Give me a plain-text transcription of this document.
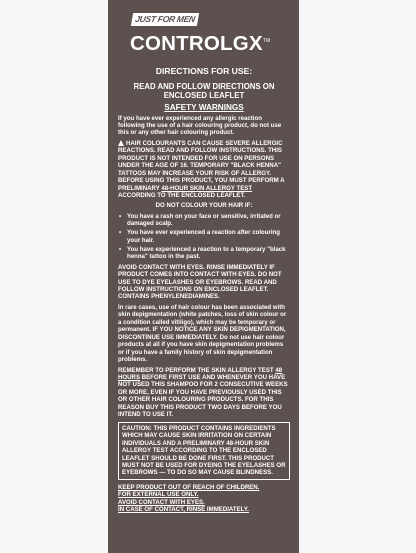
JUST FOR MEN
CONTROLGX™
DIRECTIONS FOR USE:
READ AND FOLLOW DIRECTIONS ON ENCLOSED LEAFLET
SAFETY WARNINGS
If you have ever experienced any allergic reaction following the use of a hair colouring product, do not use this or any other hair colouring product.
HAIR COLOURANTS CAN CAUSE SEVERE ALLERGIC REACTIONS. READ AND FOLLOW INSTRUCTIONS. THIS PRODUCT IS NOT INTENDED FOR USE ON PERSONS UNDER THE AGE OF 16. TEMPORARY "BLACK HENNA" TATTOOS MAY INCREASE YOUR RISK OF ALLERGY. BEFORE USING THIS PRODUCT, YOU MUST PERFORM A PRELIMINARY 48-HOUR SKIN ALLERGY TEST ACCORDING TO THE ENCLOSED LEAFLET.
DO NOT COLOUR YOUR HAIR IF:
• You have a rash on your face or sensitive, irritated or damaged scalp.
• You have ever experienced a reaction after colouring your hair.
• You have experienced a reaction to a temporary "black henna" tattoo in the past.
AVOID CONTACT WITH EYES. RINSE IMMEDIATELY IF PRODUCT COMES INTO CONTACT WITH EYES. DO NOT USE TO DYE EYELASHES OR EYEBROWS. READ AND FOLLOW INSTRUCTIONS ON ENCLOSED LEAFLET. CONTAINS PHENYLENEDIAMINES.
In rare cases, use of hair colour has been associated with skin depigmentation (white patches, loss of skin colour or a condition called vitiligo), which may be temporary or permanent. IF YOU NOTICE ANY SKIN DEPIGMENTATION, DISCONTINUE USE IMMEDIATELY. Do not use hair colour products at all if you have skin depigmentation problems or if you have a family history of skin depigmentation problems.
REMEMBER TO PERFORM THE SKIN ALLERGY TEST 48 HOURS BEFORE FIRST USE AND WHENEVER YOU HAVE NOT USED THIS SHAMPOO FOR 2 CONSECUTIVE WEEKS OR MORE, EVEN IF YOU HAVE PREVIOUSLY USED THIS OR OTHER HAIR COLOURING PRODUCTS. FOR THIS REASON BUY THIS PRODUCT TWO DAYS BEFORE YOU INTEND TO USE IT.
CAUTION: THIS PRODUCT CONTAINS INGREDIENTS WHICH MAY CAUSE SKIN IRRITATION ON CERTAIN INDIVIDUALS AND A PRELIMINARY 48-HOUR SKIN ALLERGY TEST ACCORDING TO THE ENCLOSED LEAFLET SHOULD BE DONE FIRST. THIS PRODUCT MUST NOT BE USED FOR DYEING THE EYELASHES OR EYEBROWS — TO DO SO MAY CAUSE BLINDNESS.
KEEP PRODUCT OUT OF REACH OF CHILDREN.
FOR EXTERNAL USE ONLY.
AVOID CONTACT WITH EYES.
IN CASE OF CONTACT, RINSE IMMEDIATELY.
